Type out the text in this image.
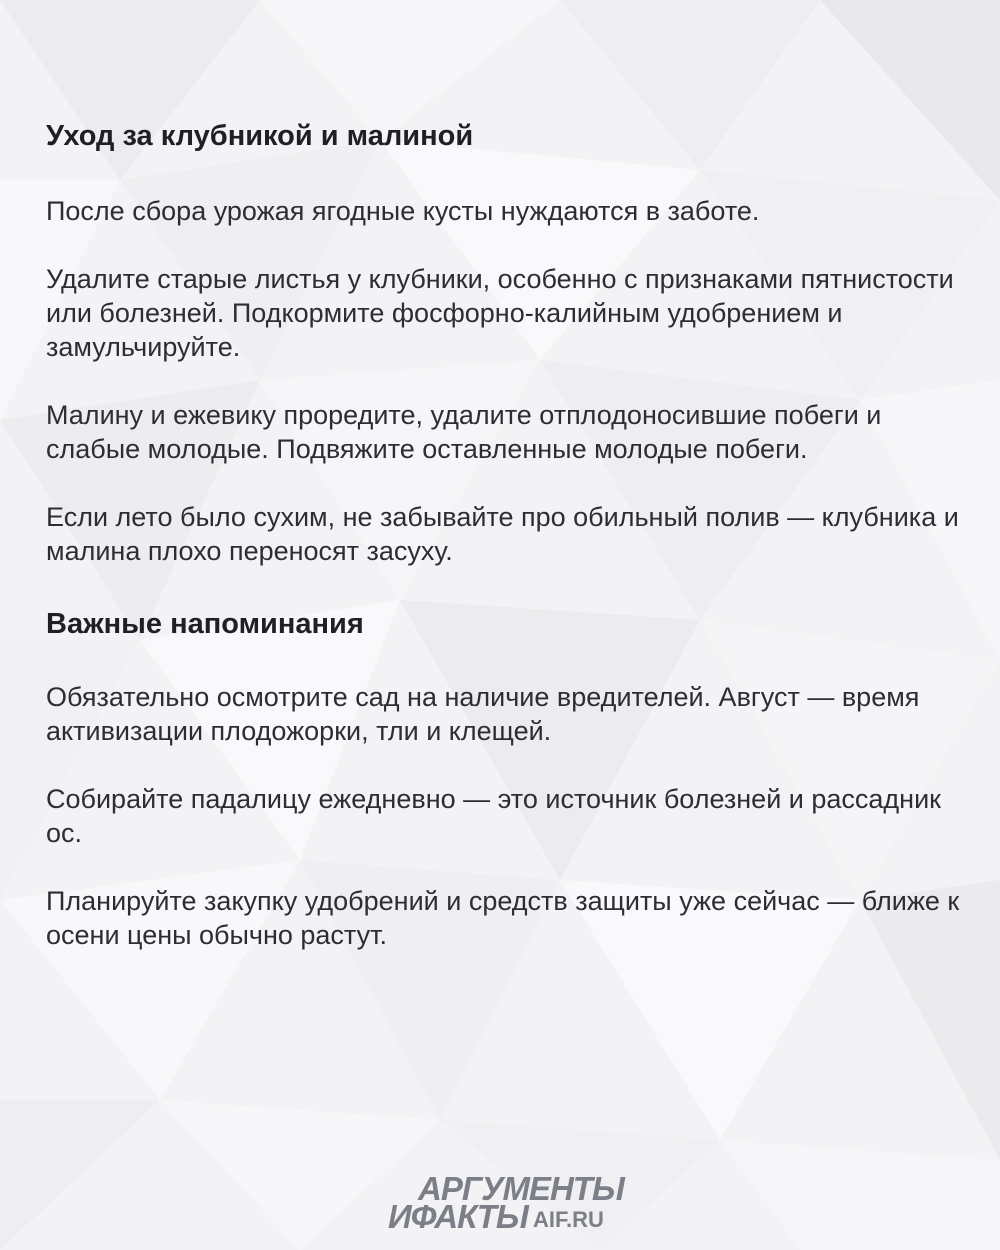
Уход за клубникой и малиной

После сбора урожая ягодные кусты нуждаются в заботе.

Удалите старые листья у клубники, особенно с признаками пятнистости или болезней. Подкормите фосфорно-калийным удобрением и замульчируйте.

Малину и ежевику проредите, удалите отплодоносившие побеги и слабые молодые. Подвяжите оставленные молодые побеги.

Если лето было сухим, не забывайте про обильный полив — клубника и малина плохо переносят засуху.

Важные напоминания

Обязательно осмотрите сад на наличие вредителей. Август — время активизации плодожорки, тли и клещей.

Собирайте падалицу ежедневно — это источник болезней и рассадник ос.

Планируйте закупку удобрений и средств защиты уже сейчас — ближе к осени цены обычно растут.

АРГУМЕНТЫ
ИФАКТЫ AIF.RU
